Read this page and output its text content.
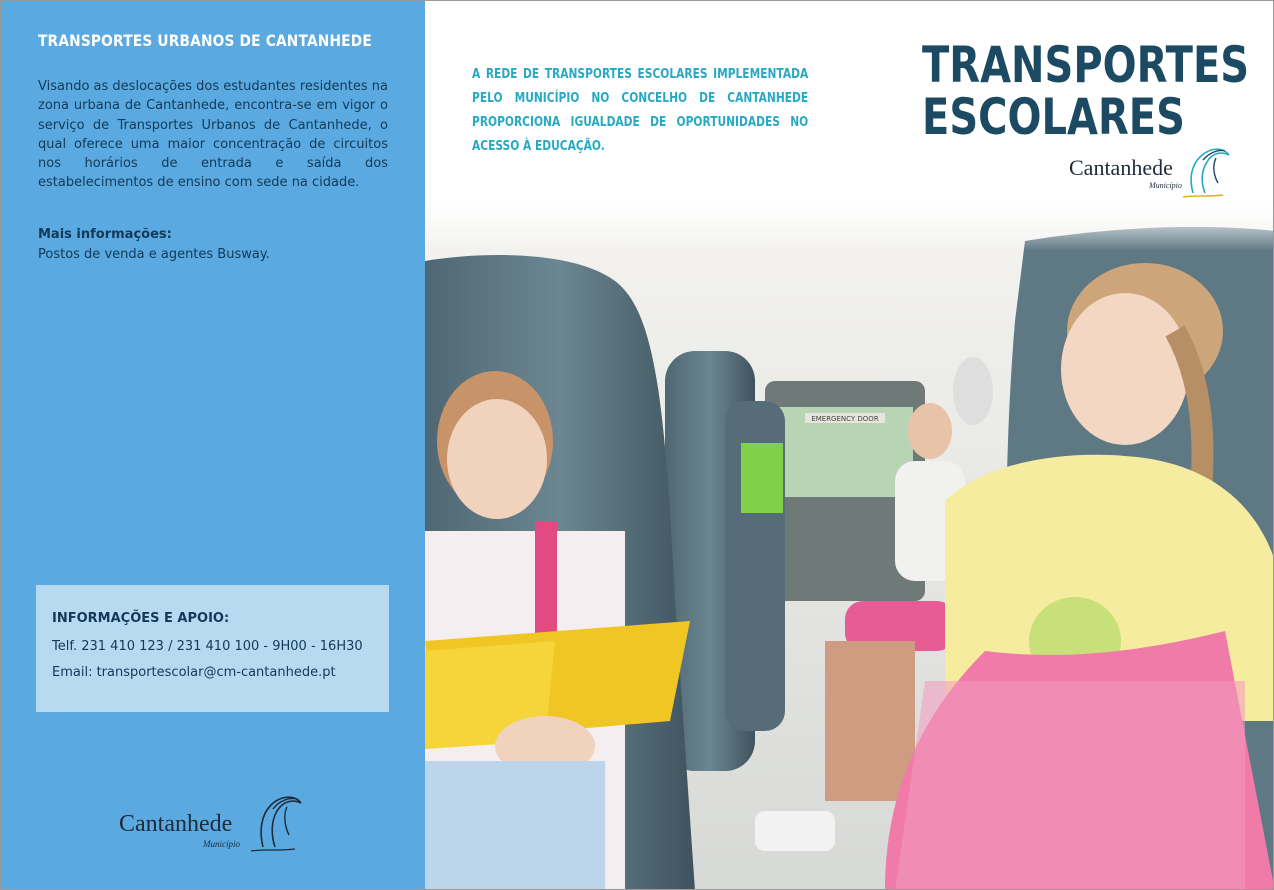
TRANSPORTES URBANOS DE CANTANHEDE
Visando as deslocações dos estudantes residentes na zona urbana de Cantanhede, encontra-se em vigor o serviço de Transportes Urbanos de Cantanhede, o qual oferece uma maior concentração de circuitos nos horários de entrada e saída dos estabelecimentos de ensino com sede na cidade.
Mais informações:
Postos de venda e agentes Busway.
INFORMAÇÕES E APOIO:
Telf. 231 410 123 / 231 410 100 - 9H00 - 16H30
Email: transportescolar@cm-cantanhede.pt
Cantanhede
Município
EMERGENCY DOOR
A REDE DE TRANSPORTES ESCOLARES IMPLEMENTADA PELO MUNICÍPIO NO CONCELHO DE CANTANHEDE PROPORCIONA IGUALDADE DE OPORTUNIDADES NO ACESSO À EDUCAÇÃO.
TRANSPORTES
ESCOLARES
Cantanhede
Município
